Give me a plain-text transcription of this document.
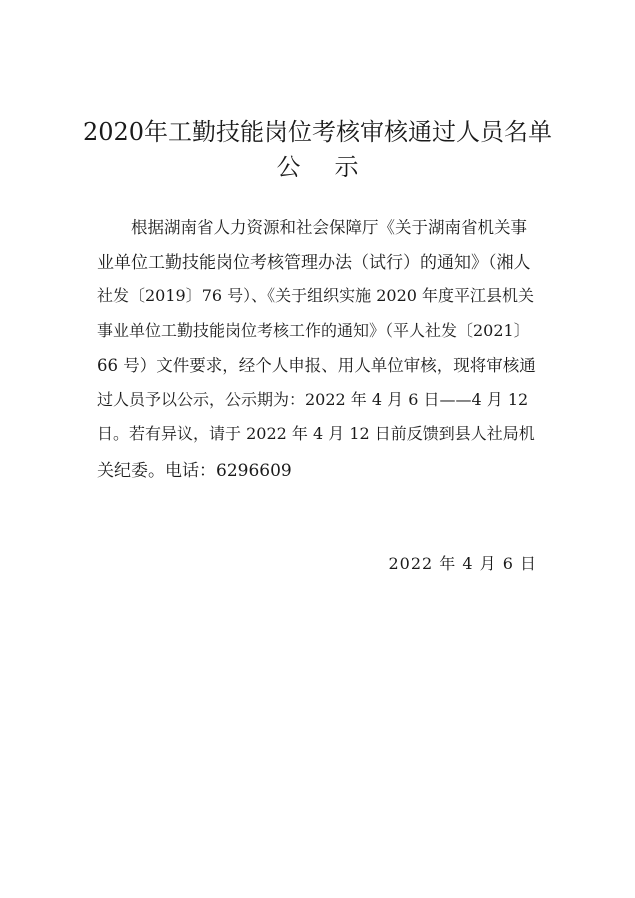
2020年工勤技能岗位考核审核通过人员名单
公示

根据湖南省人力资源和社会保障厅《关于湖南省机关事

业单位工勤技能岗位考核管理办法（试行）的通知》（湘人

社发〔2019〕76 号）、《关于组织实施 2020 年度平江县机关

事业单位工勤技能岗位考核工作的通知》（平人社发〔2021〕

66 号）文件要求，经个人申报、用人单位审核，现将审核通

过人员予以公示，公示期为：2022 年 4 月 6 日——4 月 12

日。若有异议，请于 2022 年 4 月 12 日前反馈到县人社局机

关纪委。电话：6296609

2022 年 4 月 6 日
